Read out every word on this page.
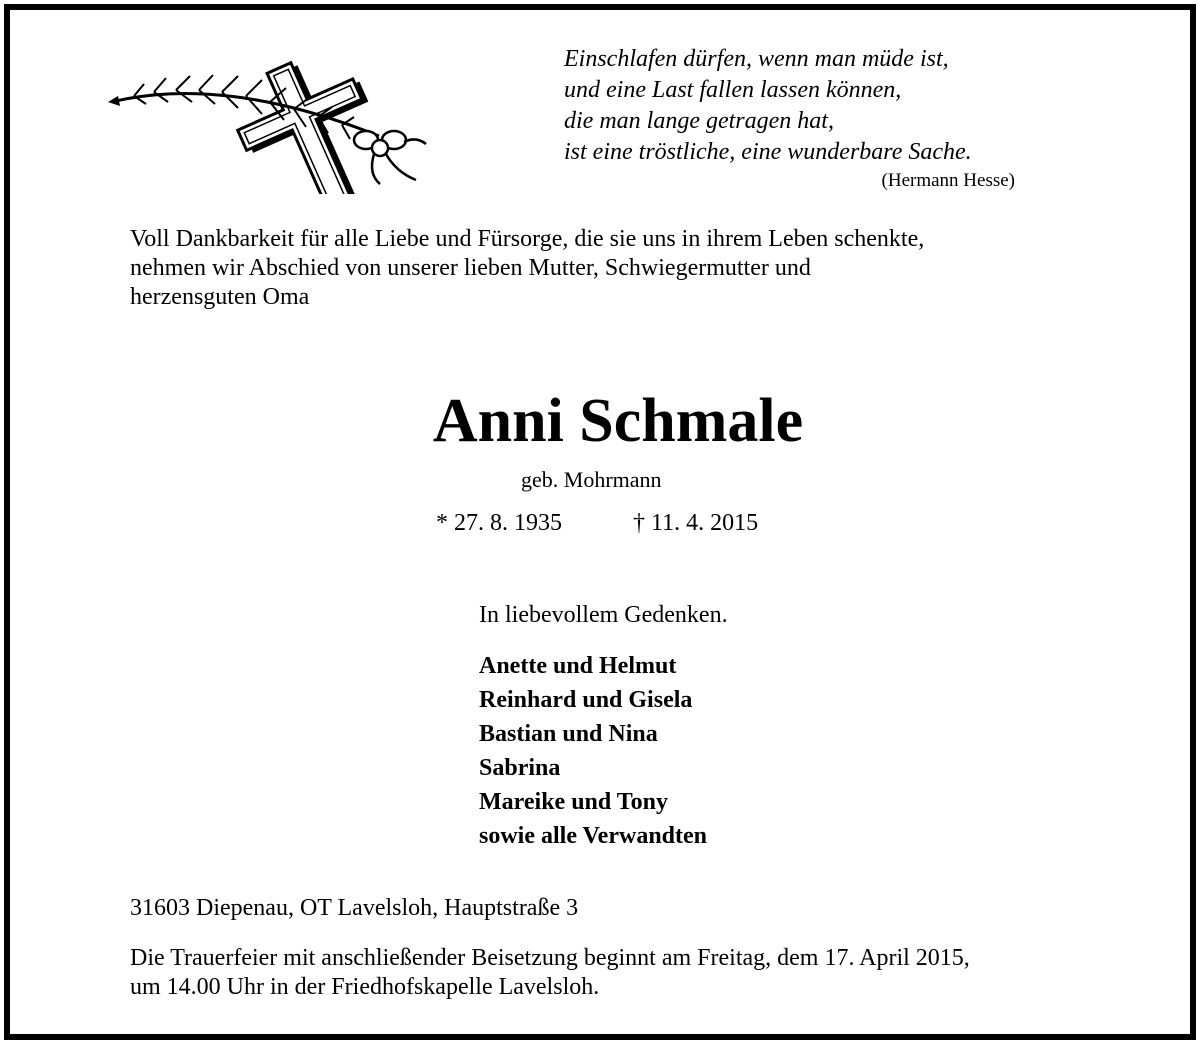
Einschlafen dürfen, wenn man müde ist,
und eine Last fallen lassen können,
die man lange getragen hat,
ist eine tröstliche, eine wunderbare Sache.
(Hermann Hesse)
Voll Dankbarkeit für alle Liebe und Fürsorge, die sie uns in ihrem Leben schenkte,
nehmen wir Abschied von unserer lieben Mutter, Schwiegermutter und
herzensguten Oma
Anni Schmale
geb. Mohrmann
* 27. 8. 1935	† 11. 4. 2015
In liebevollem Gedenken.
Anette und Helmut
Reinhard und Gisela
Bastian und Nina
Sabrina
Mareike und Tony
sowie alle Verwandten
31603 Diepenau, OT Lavelsloh, Hauptstraße 3
Die Trauerfeier mit anschließender Beisetzung beginnt am Freitag, dem 17. April 2015,
um 14.00 Uhr in der Friedhofskapelle Lavelsloh.
